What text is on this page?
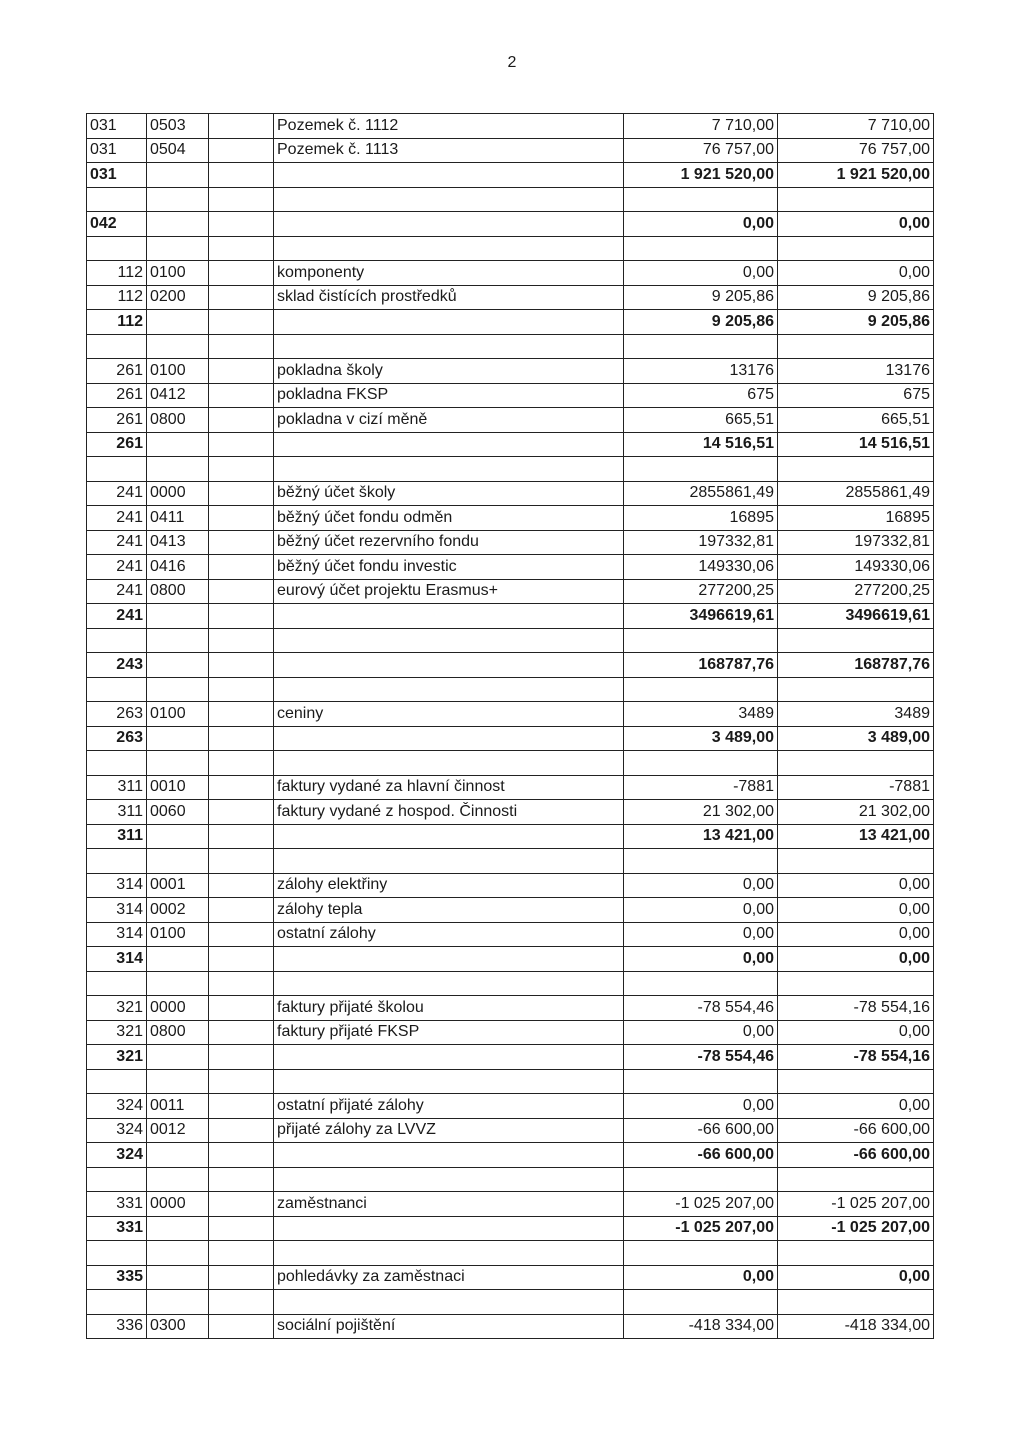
2
031	0503		Pozemek č. 1112	7 710,00	7 710,00
031	0504		Pozemek č. 1113	76 757,00	76 757,00
031				1 921 520,00	1 921 520,00

042				0,00	0,00

112	0100		komponenty	0,00	0,00
112	0200		sklad čistících prostředků	9 205,86	9 205,86
112				9 205,86	9 205,86

261	0100		pokladna školy	13176	13176
261	0412		pokladna FKSP	675	675
261	0800		pokladna v cizí měně	665,51	665,51
261				14 516,51	14 516,51

241	0000		běžný účet školy	2855861,49	2855861,49
241	0411		běžný účet fondu odměn	16895	16895
241	0413		běžný účet rezervního fondu	197332,81	197332,81
241	0416		běžný účet fondu investic	149330,06	149330,06
241	0800		eurový účet projektu Erasmus+	277200,25	277200,25
241				3496619,61	3496619,61

243				168787,76	168787,76

263	0100		ceniny	3489	3489
263				3 489,00	3 489,00

311	0010		faktury vydané za hlavní činnost	-7881	-7881
311	0060		faktury vydané z hospod. Činnosti	21 302,00	21 302,00
311				13 421,00	13 421,00

314	0001		zálohy elektřiny	0,00	0,00
314	0002		zálohy tepla	0,00	0,00
314	0100		ostatní zálohy	0,00	0,00
314				0,00	0,00

321	0000		faktury přijaté školou	-78 554,46	-78 554,16
321	0800		faktury přijaté FKSP	0,00	0,00
321				-78 554,46	-78 554,16

324	0011		ostatní přijaté zálohy	0,00	0,00
324	0012		přijaté zálohy za LVVZ	-66 600,00	-66 600,00
324				-66 600,00	-66 600,00

331	0000		zaměstnanci	-1 025 207,00	-1 025 207,00
331				-1 025 207,00	-1 025 207,00

335			pohledávky za zaměstnaci	0,00	0,00

336	0300		sociální pojištění	-418 334,00	-418 334,00
